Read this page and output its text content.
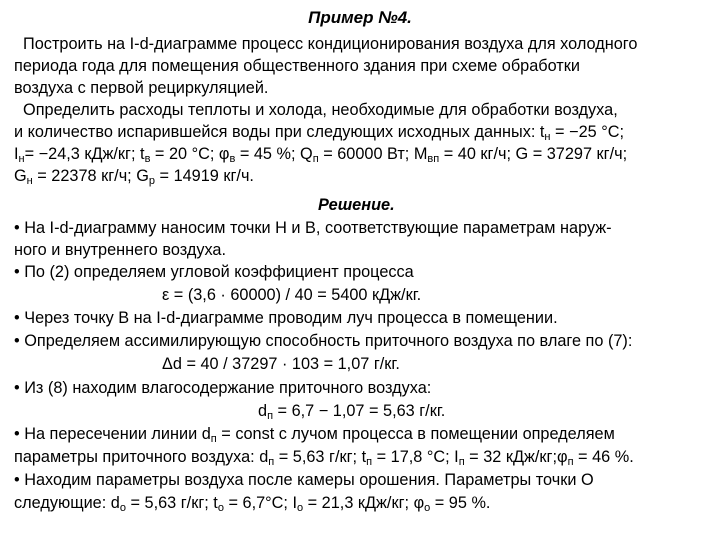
Пример №4.
Построить на I-d-диаграмме процесс кондиционирования воздуха для холодного
периода года для помещения общественного здания при схеме обработки
воздуха с первой рециркуляцией.
Определить расходы теплоты и холода, необходимые для обработки воздуха,
и количество испарившейся воды при следующих исходных данных: $t_н = -25$ °С;
$I_н= -24,3$ кДж/кг; $t_в = 20$ °С; $\varphi_в = 45$ %; $Q_п = 60000$ Вт; $M_{вп} = 40$ кг/ч; G = 37297 кг/ч;
$G_н = 22378$ кг/ч; $G_р = 14919$ кг/ч.
Решение.
• На I-d-диаграмму наносим точки Н и В, соответствующие параметрам наруж-
ного и внутреннего воздуха.
• По (2) определяем угловой коэффициент процесса
ε = (3,6 · 60000) / 40 = 5400 кДж/кг.
• Через точку В на I-d-диаграмме проводим луч процесса в помещении.
• Определяем ассимилирующую способность приточного воздуха по влаге по (7):
Δd = 40 / 37297 · 103 = 1,07 г/кг.
• Из (8) находим влагосодержание приточного воздуха:
$d_п = 6,7 - 1,07 = 5,63$ г/кг.
• На пересечении линии $d_п$ = const с лучом процесса в помещении определяем
параметры приточного воздуха: $d_п = 5,63$ г/кг; $t_п = 17,8$ °С; $I_п = 32$ кДж/$кг;\varphi_п = 46$ %.
• Находим параметры воздуха после камеры орошения. Параметры точки О
следующие: $d_о = 5,63$ г/кг; $t_о = 6,7^\circ С$; $I_о = 21,3$ кДж/кг; $\varphi_о = 95$ %.
